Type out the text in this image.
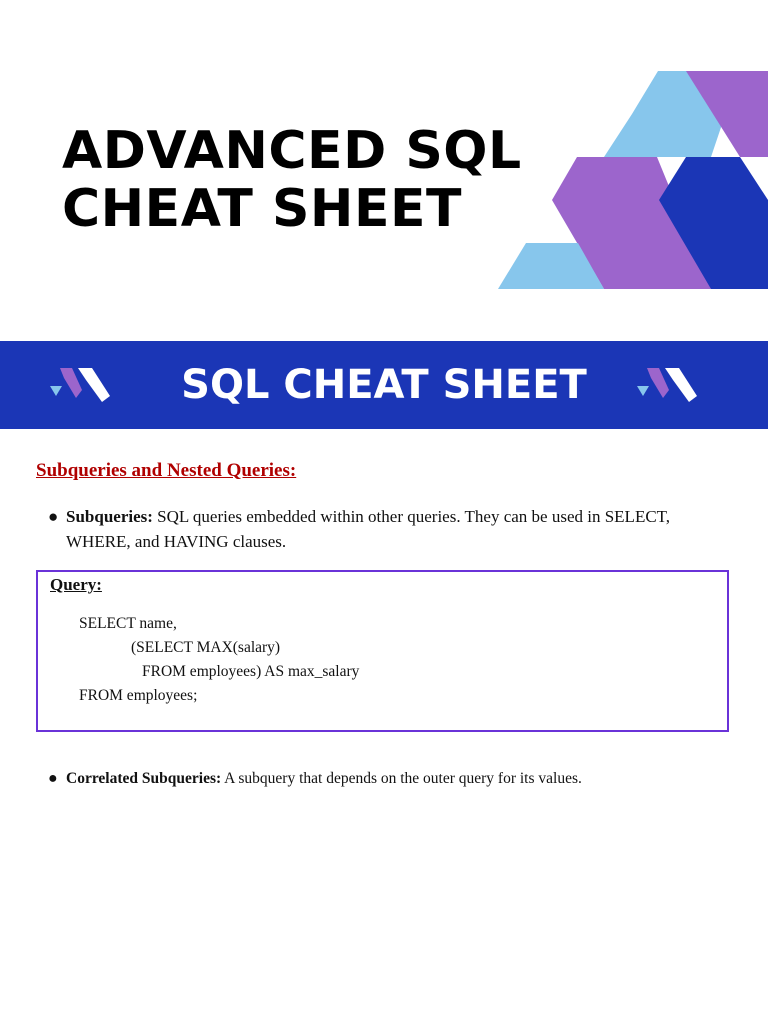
ADVANCED SQL
CHEAT SHEET
SQL CHEAT SHEET
Subqueries and Nested Queries:
● Subqueries: SQL queries embedded within other queries. They can be used in SELECT, WHERE, and HAVING clauses.
Query:
SELECT name,
(SELECT MAX(salary)
FROM employees) AS max_salary
FROM employees;
● Correlated Subqueries: A subquery that depends on the outer query for its values.
